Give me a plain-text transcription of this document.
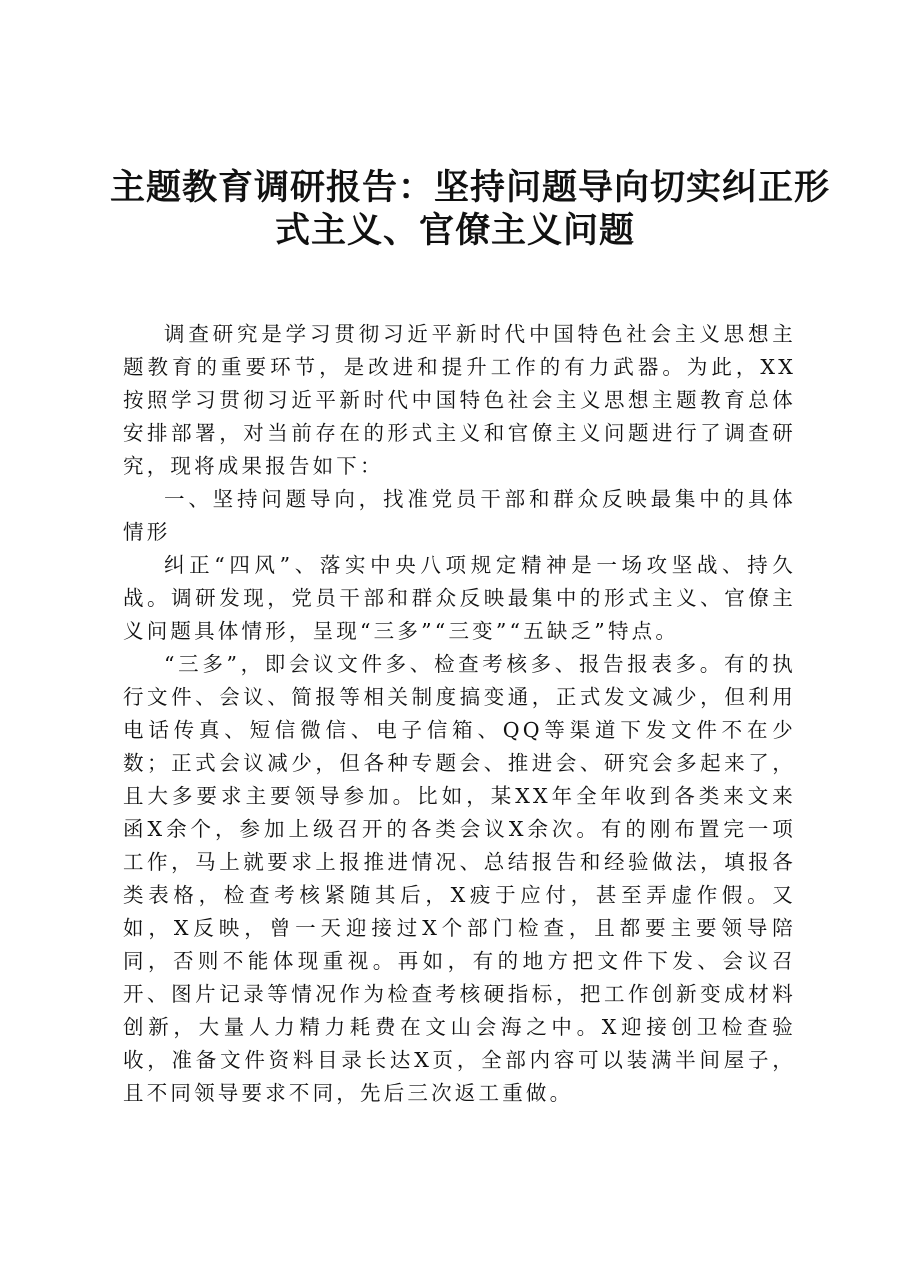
主题教育调研报告：坚持问题导向切实纠正形
式主义、官僚主义问题

调查研究是学习贯彻习近平新时代中国特色社会主义思想主题教育的重要环节，是改进和提升工作的有力武器。为此，XX按照学习贯彻习近平新时代中国特色社会主义思想主题教育总体安排部署，对当前存在的形式主义和官僚主义问题进行了调查研究，现将成果报告如下：

一、坚持问题导向，找准党员干部和群众反映最集中的具体情形

纠正“四风”、落实中央八项规定精神是一场攻坚战、持久战。调研发现，党员干部和群众反映最集中的形式主义、官僚主义问题具体情形，呈现“三多”“三变”“五缺乏”特点。

“三多”，即会议文件多、检查考核多、报告报表多。有的执行文件、会议、简报等相关制度搞变通，正式发文减少，但利用电话传真、短信微信、电子信箱、QQ等渠道下发文件不在少数；正式会议减少，但各种专题会、推进会、研究会多起来了，且大多要求主要领导参加。比如，某XX年全年收到各类来文来函X余个，参加上级召开的各类会议X余次。有的刚布置完一项工作，马上就要求上报推进情况、总结报告和经验做法，填报各类表格，检查考核紧随其后，X疲于应付，甚至弄虚作假。又如，X反映，曾一天迎接过X个部门检查，且都要主要领导陪同，否则不能体现重视。再如，有的地方把文件下发、会议召开、图片记录等情况作为检查考核硬指标，把工作创新变成材料创新，大量人力精力耗费在文山会海之中。X迎接创卫检查验收，准备文件资料目录长达X页，全部内容可以装满半间屋子，且不同领导要求不同，先后三次返工重做。
